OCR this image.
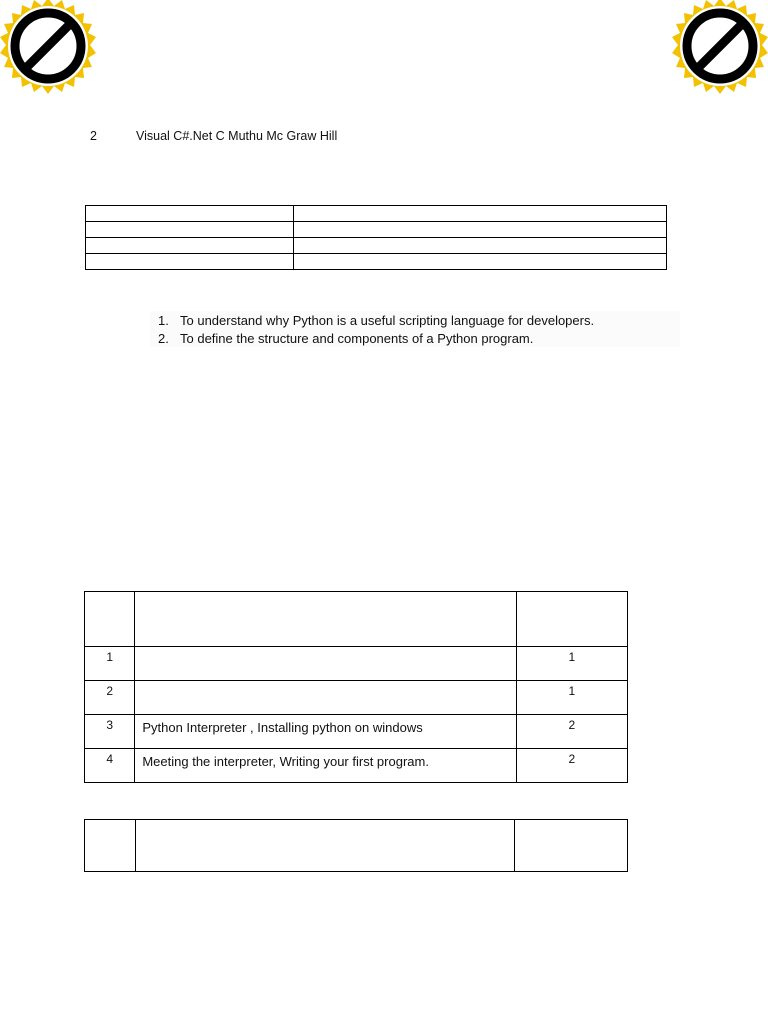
2	Visual C#.Net C Muthu Mc Graw Hill

1. To understand why Python is a useful scripting language for developers.
2. To define the structure and components of a Python program.

1		1
2		1
3	Python Interpreter , Installing python on windows	2
4	Meeting the interpreter, Writing your first program.	2
